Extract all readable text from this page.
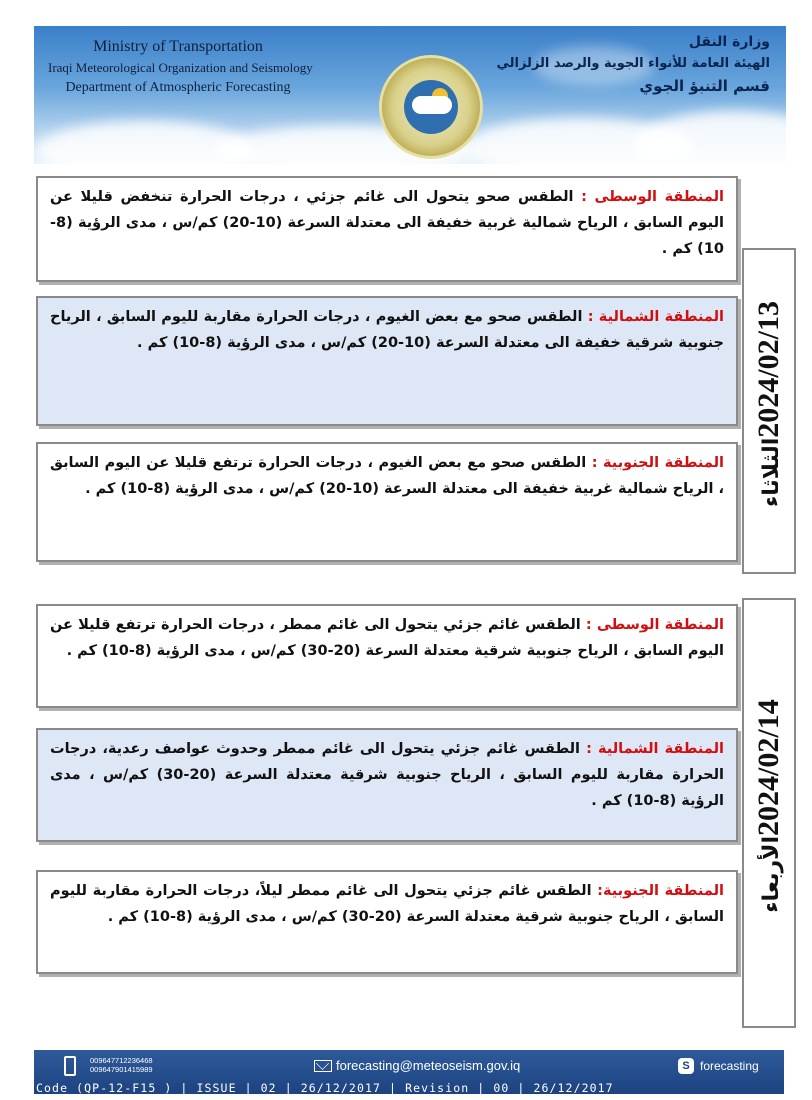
Ministry of Transportation
Iraqi Meteorological Organization and Seismology
Department of Atmospheric Forecasting
وزارة النقل
الهيئة العامة للأنواء الجوية والرصد الزلزالي
قسم التنبؤ الجوي
المنطقة الوسطى : الطقس صحو يتحول الى غائم جزئي ، درجات الحرارة تنخفض قليلا عن اليوم السابق ، الرياح شمالية غربية خفيفة الى معتدلة السرعة (10-20) كم/س ، مدى الرؤية (8-10) كم .
المنطقة الشمالية : الطقس صحو مع بعض الغيوم ، درجات الحرارة مقاربة لليوم السابق ، الرياح جنوبية شرقية خفيفة الى معتدلة السرعة (10-20) كم/س ، مدى الرؤية (8-10) كم .
المنطقة الجنوبية : الطقس صحو مع بعض الغيوم ، درجات الحرارة ترتفع قليلا عن اليوم السابق ، الرياح شمالية غربية خفيفة الى معتدلة السرعة (10-20) كم/س ، مدى الرؤية (8-10) كم .
2024/02/13الثلاثاء
المنطقة الوسطى : الطقس غائم جزئي يتحول الى غائم ممطر ، درجات الحرارة ترتفع قليلا عن اليوم السابق ، الرياح جنوبية شرقية معتدلة السرعة (20-30) كم/س ، مدى الرؤية (8-10) كم .
المنطقة الشمالية : الطقس غائم جزئي يتحول الى غائم ممطر وحدوث عواصف رعدية، درجات الحرارة مقاربة لليوم السابق ، الرياح جنوبية شرقية معتدلة السرعة (20-30) كم/س ، مدى الرؤية (8-10) كم .
المنطقة الجنوبية: الطقس غائم جزئي يتحول الى غائم ممطر ليلاً، درجات الحرارة مقاربة لليوم السابق ، الرياح جنوبية شرقية معتدلة السرعة (20-30) كم/س ، مدى الرؤية (8-10) كم .
2024/02/14الأربعاء
009647712236468
009647901415989	forecasting@meteoseism.gov.iq	S forecasting
Code (QP-12-F15 ) | ISSUE | 02 | 26/12/2017 | Revision | 00 | 26/12/2017
